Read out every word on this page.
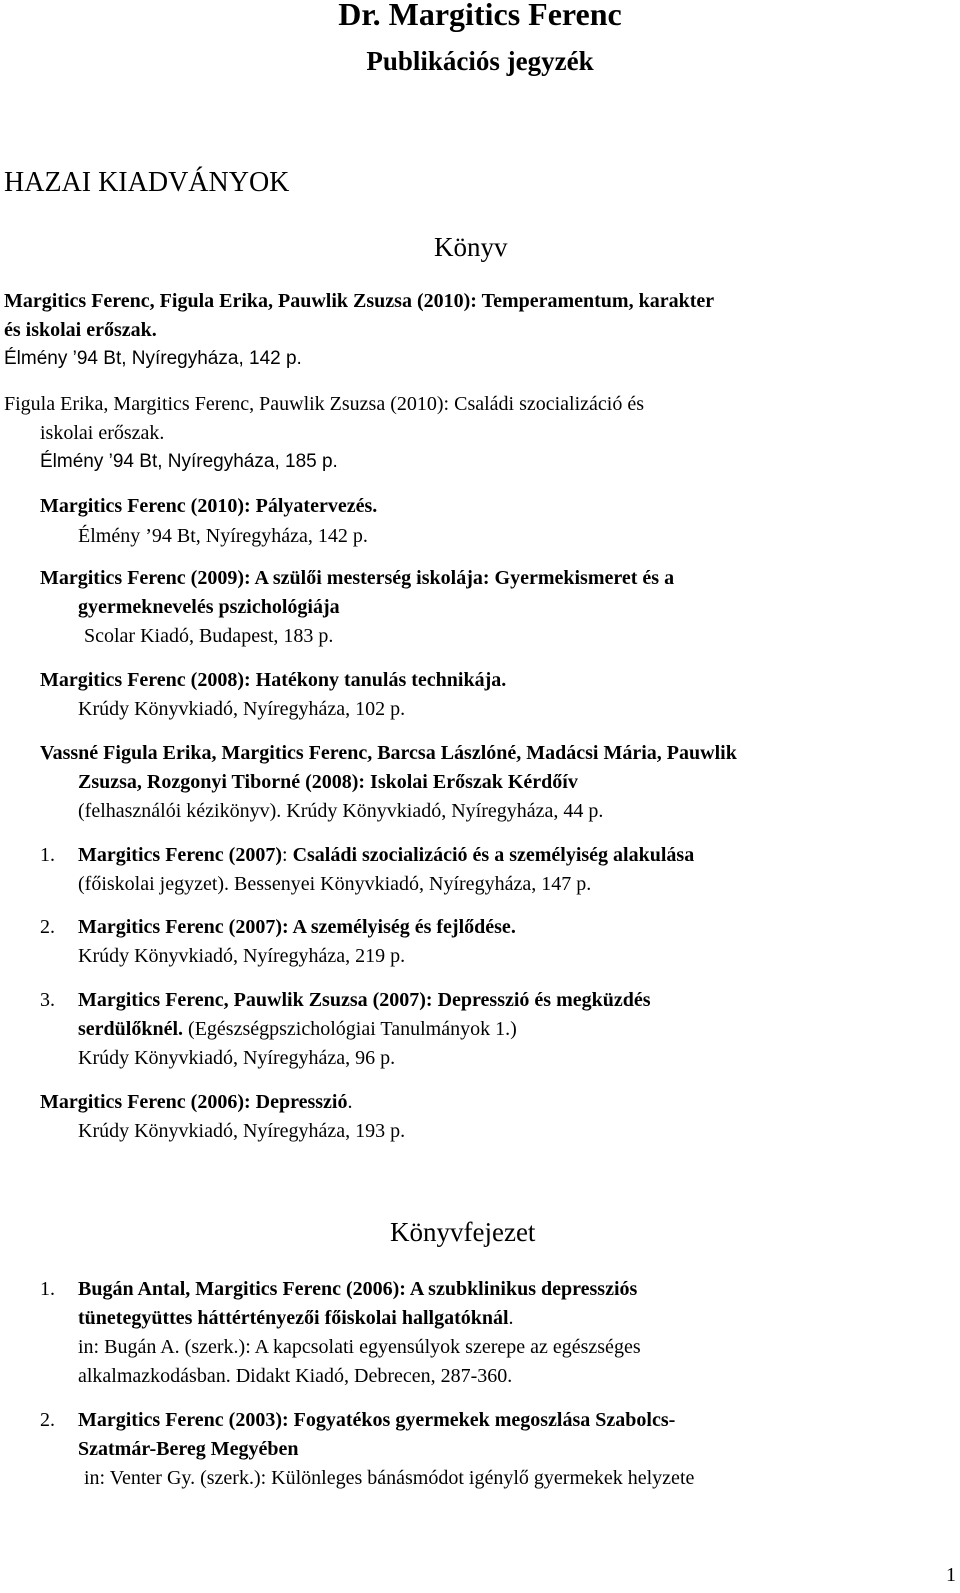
Dr. Margitics Ferenc
Publikációs jegyzék
HAZAI KIADVÁNYOK
Könyv
Margitics Ferenc, Figula Erika, Pauwlik Zsuzsa (2010): Temperamentum, karakter
és iskolai erőszak.
Élmény ’94 Bt, Nyíregyháza, 142 p.
Figula Erika, Margitics Ferenc, Pauwlik Zsuzsa (2010): Családi szocializáció és
iskolai erőszak.
Élmény ’94 Bt, Nyíregyháza, 185 p.
Margitics Ferenc (2010): Pályatervezés.
Élmény ’94 Bt, Nyíregyháza, 142 p.
Margitics Ferenc (2009): A szülői mesterség iskolája: Gyermekismeret és a
gyermeknevelés pszichológiája
Scolar Kiadó, Budapest, 183 p.
Margitics Ferenc (2008): Hatékony tanulás technikája.
Krúdy Könyvkiadó, Nyíregyháza, 102 p.
Vassné Figula Erika, Margitics Ferenc, Barcsa Lászlóné, Madácsi Mária, Pauwlik
Zsuzsa, Rozgonyi Tiborné (2008): Iskolai Erőszak Kérdőív
(felhasználói kézikönyv). Krúdy Könyvkiadó, Nyíregyháza, 44 p.
1. Margitics Ferenc (2007): Családi szocializáció és a személyiség alakulása
(főiskolai jegyzet). Bessenyei Könyvkiadó, Nyíregyháza, 147 p.
2. Margitics Ferenc (2007): A személyiség és fejlődése.
Krúdy Könyvkiadó, Nyíregyháza, 219 p.
3. Margitics Ferenc, Pauwlik Zsuzsa (2007): Depresszió és megküzdés
serdülőknél. (Egészségpszichológiai Tanulmányok 1.)
Krúdy Könyvkiadó, Nyíregyháza, 96 p.
Margitics Ferenc (2006): Depresszió.
Krúdy Könyvkiadó, Nyíregyháza, 193 p.
Könyvfejezet
1. Bugán Antal, Margitics Ferenc (2006): A szubklinikus depressziós
tünetegyüttes háttértényezői főiskolai hallgatóknál.
in: Bugán A. (szerk.): A kapcsolati egyensúlyok szerepe az egészséges
alkalmazkodásban. Didakt Kiadó, Debrecen, 287-360.
2. Margitics Ferenc (2003): Fogyatékos gyermekek megoszlása Szabolcs-
Szatmár-Bereg Megyében
in: Venter Gy. (szerk.): Különleges bánásmódot igénylő gyermekek helyzete
1
